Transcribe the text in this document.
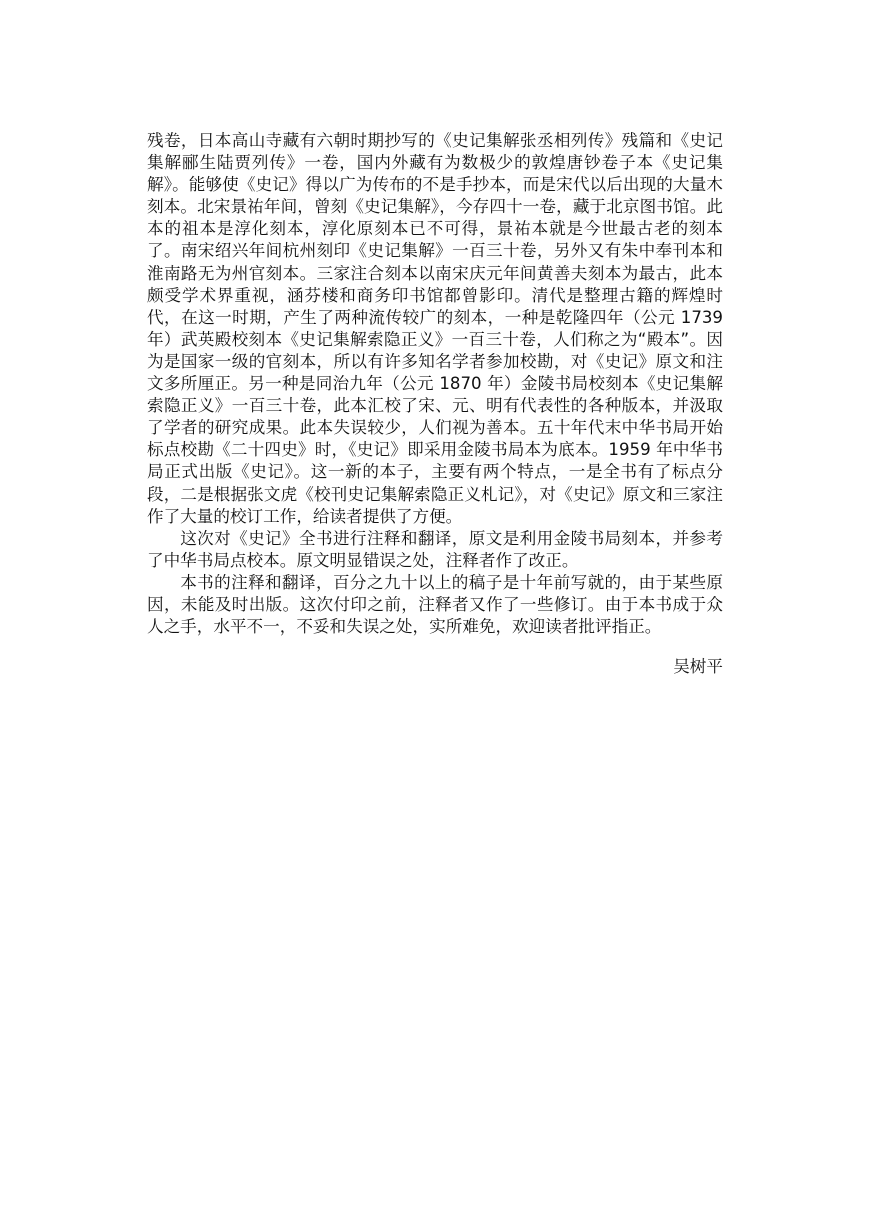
残卷，日本高山寺藏有六朝时期抄写的《史记集解张丞相列传》残篇和《史记集解郦生陆贾列传》一卷，国内外藏有为数极少的敦煌唐钞卷子本《史记集解》。能够使《史记》得以广为传布的不是手抄本，而是宋代以后出现的大量木刻本。北宋景祐年间，曾刻《史记集解》，今存四十一卷，藏于北京图书馆。此本的祖本是淳化刻本，淳化原刻本已不可得，景祐本就是今世最古老的刻本了。南宋绍兴年间杭州刻印《史记集解》一百三十卷，另外又有朱中奉刊本和淮南路无为州官刻本。三家注合刻本以南宋庆元年间黄善夫刻本为最古，此本颇受学术界重视，涵芬楼和商务印书馆都曾影印。清代是整理古籍的辉煌时代，在这一时期，产生了两种流传较广的刻本，一种是乾隆四年（公元 1739 年）武英殿校刻本《史记集解索隐正义》一百三十卷，人们称之为“殿本”。因为是国家一级的官刻本，所以有许多知名学者参加校勘，对《史记》原文和注文多所厘正。另一种是同治九年（公元 1870 年）金陵书局校刻本《史记集解索隐正义》一百三十卷，此本汇校了宋、元、明有代表性的各种版本，并汲取了学者的研究成果。此本失误较少，人们视为善本。五十年代末中华书局开始标点校勘《二十四史》时，《史记》即采用金陵书局本为底本。1959 年中华书局正式出版《史记》。这一新的本子，主要有两个特点，一是全书有了标点分段，二是根据张文虎《校刊史记集解索隐正义札记》，对《史记》原文和三家注作了大量的校订工作，给读者提供了方便。

这次对《史记》全书进行注释和翻译，原文是利用金陵书局刻本，并参考了中华书局点校本。原文明显错误之处，注释者作了改正。

本书的注释和翻译，百分之九十以上的稿子是十年前写就的，由于某些原因，未能及时出版。这次付印之前，注释者又作了一些修订。由于本书成于众人之手，水平不一，不妥和失误之处，实所难免，欢迎读者批评指正。

吴树平
